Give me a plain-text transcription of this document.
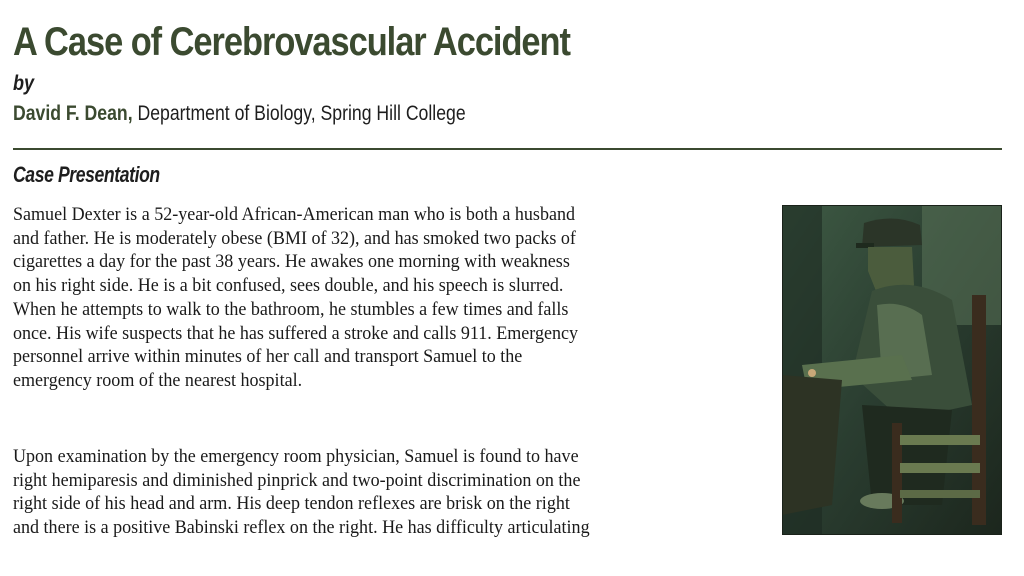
A Case of Cerebrovascular Accident
by
David F. Dean, Department of Biology, Spring Hill College
Case Presentation
Samuel Dexter is a 52-year-old African-American man who is both a husband
and father. He is moderately obese (BMI of 32), and has smoked two packs of
cigarettes a day for the past 38 years. He awakes one morning with weakness
on his right side. He is a bit confused, sees double, and his speech is slurred.
When he attempts to walk to the bathroom, he stumbles a few times and falls
once. His wife suspects that he has suffered a stroke and calls 911. Emergency
personnel arrive within minutes of her call and transport Samuel to the
emergency room of the nearest hospital.
Upon examination by the emergency room physician, Samuel is found to have
right hemiparesis and diminished pinprick and two-point discrimination on the
right side of his head and arm. His deep tendon reflexes are brisk on the right
and there is a positive Babinski reflex on the right. He has difficulty articulating
